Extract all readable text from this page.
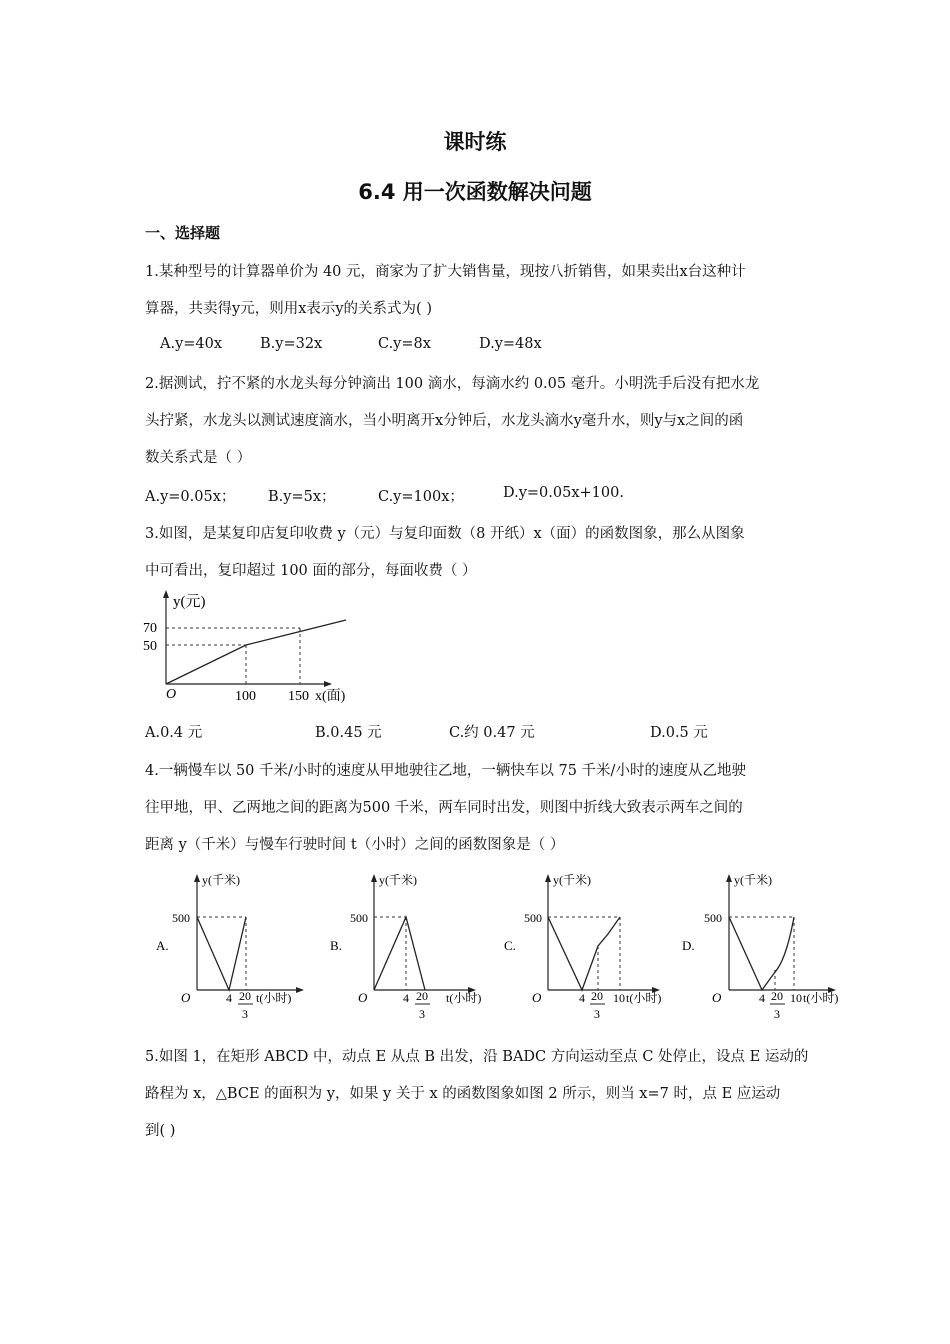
课时练
6.4 用一次函数解决问题
一、选择题
1.某种型号的计算器单价为 40 元，商家为了扩大销售量，现按八折销售，如果卖出x台这种计
算器，共卖得y元，则用x表示y的关系式为( )
A.y=40x	B.y=32x	C.y=8x	D.y=48x
2.据测试，拧不紧的水龙头每分钟滴出 100 滴水，每滴水约 0.05 毫升。小明洗手后没有把水龙
头拧紧，水龙头以测试速度滴水，当小明离开x分钟后，水龙头滴水y毫升水，则y与x之间的函
数关系式是（ ）
A.y=0.05x； B.y=5x；	C.y=100x；	D.y=0.05x+100.
3.如图，是某复印店复印收费 y（元）与复印面数（8 开纸）x（面）的函数图象，那么从图象
中可看出，复印超过 100 面的部分，每面收费（ ）
y(元)
70
50
O	100 150 x(面)
A.0.4 元	B.0.45 元	C.约 0.47 元	D.0.5 元
4.一辆慢车以 50 千米/小时的速度从甲地驶往乙地，一辆快车以 75 千米/小时的速度从乙地驶
往甲地，甲、乙两地之间的距离为500 千米，两车同时出发，则图中折线大致表示两车之间的
距离 y（千米）与慢车行驶时间 t（小时）之间的函数图象是（ ）
A.
y(千米)
500
O	4 20
3
t(小时)
B.
y(千米)
500
O	4 20
3
t(小时)
C.
y(千米)
500
O	4 20
3
10 t(小时)
D.
y(千米)
500
O	4 20
3
10 t(小时)
5.如图 1，在矩形 ABCD 中，动点 E 从点 B 出发，沿 BADC 方向运动至点 C 处停止，设点 E 运动的
路程为 x，△BCE 的面积为 y，如果 y 关于 x 的函数图象如图 2 所示，则当 x=7 时，点 E 应运动
到( )
